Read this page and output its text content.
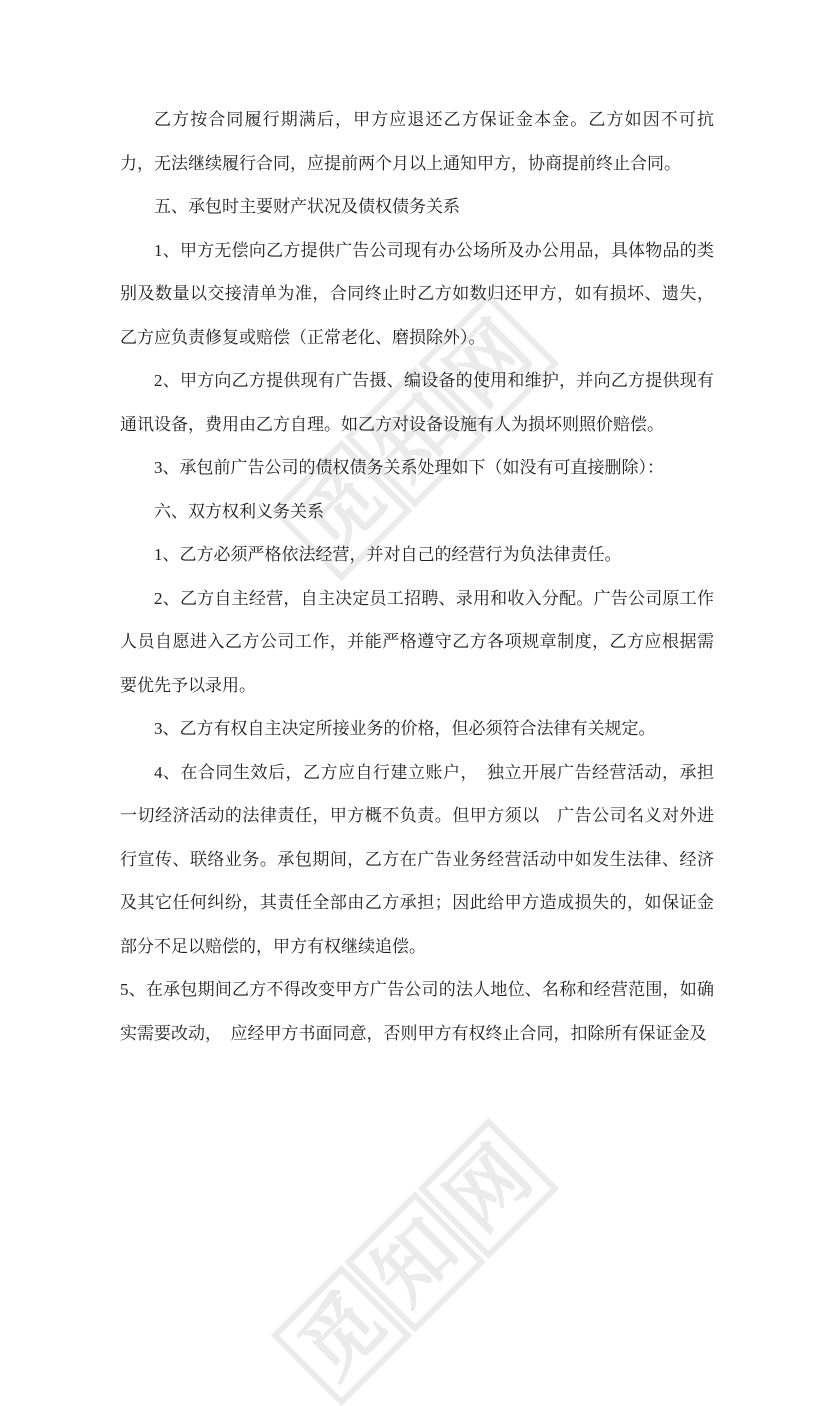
觅
知
网
觅
知
网

乙方按合同履行期满后，甲方应退还乙方保证金本金。乙方如因不可抗力，无法继续履行合同，应提前两个月以上通知甲方，协商提前终止合同。

五、承包时主要财产状况及债权债务关系

1、甲方无偿向乙方提供广告公司现有办公场所及办公用品，具体物品的类别及数量以交接清单为准，合同终止时乙方如数归还甲方，如有损坏、遗失，乙方应负责修复或赔偿（正常老化、磨损除外）。

2、甲方向乙方提供现有广告摄、编设备的使用和维护，并向乙方提供现有通讯设备，费用由乙方自理。如乙方对设备设施有人为损坏则照价赔偿。

3、承包前广告公司的债权债务关系处理如下（如没有可直接删除）：

六、双方权利义务关系

1、乙方必须严格依法经营，并对自己的经营行为负法律责任。

2、乙方自主经营，自主决定员工招聘、录用和收入分配。广告公司原工作人员自愿进入乙方公司工作，并能严格遵守乙方各项规章制度，乙方应根据需要优先予以录用。

3、乙方有权自主决定所接业务的价格，但必须符合法律有关规定。

4、在合同生效后，乙方应自行建立账户，　独立开展广告经营活动，承担一切经济活动的法律责任，甲方概不负责。但甲方须以　广告公司名义对外进行宣传、联络业务。承包期间，乙方在广告业务经营活动中如发生法律、经济及其它任何纠纷，其责任全部由乙方承担；因此给甲方造成损失的，如保证金部分不足以赔偿的，甲方有权继续追偿。

5、在承包期间乙方不得改变甲方广告公司的法人地位、名称和经营范围，如确实需要改动，　应经甲方书面同意，否则甲方有权终止合同，扣除所有保证金及
